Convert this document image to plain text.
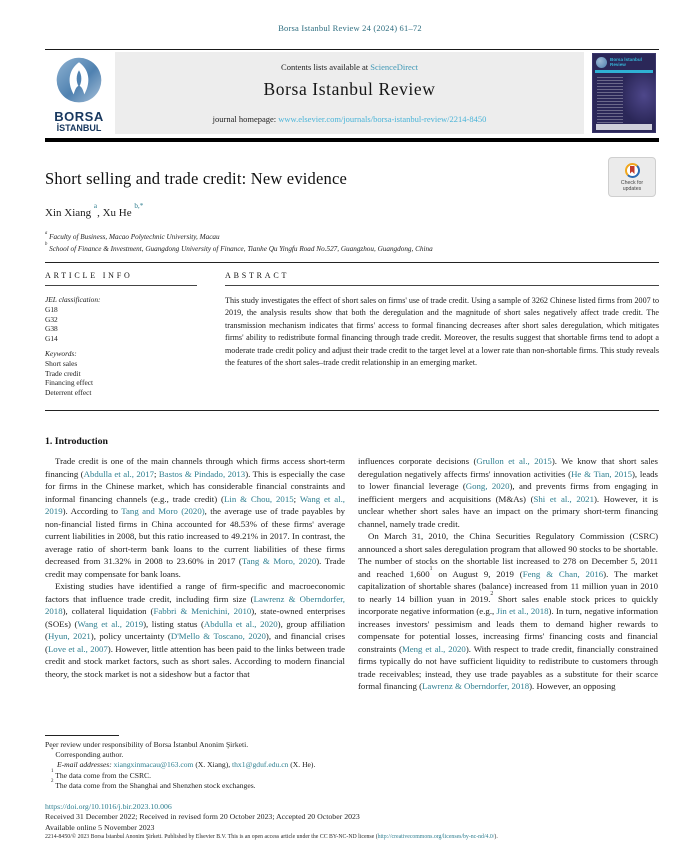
Borsa Istanbul Review 24 (2024) 61–72
BORSA
İSTANBUL
Contents lists available at ScienceDirect
Borsa Istanbul Review
journal homepage: www.elsevier.com/journals/borsa-istanbul-review/2214-8450
Borsa İstanbul Review
Short selling and trade credit: New evidence	Check for updates
Xin Xiang $^a$, Xu He $^{b,*}$
$^a$ Faculty of Business, Macao Polytechnic University, Macau
$^b$ School of Finance & Investment, Guangdong University of Finance, Tianhe Qu Yingfu Road No.527, Guangzhou, Guangdong, China
ARTICLE INFO
JEL classification:
G18
G32
G38
G14
Keywords:
Short sales
Trade credit
Financing effect
Deterrent effect
ABSTRACT
This study investigates the effect of short sales on firms' use of trade credit. Using a sample of 3262 Chinese listed firms from 2007 to 2019, the analysis results show that both the deregulation and the magnitude of short sales negatively affect trade credit. The transmission mechanism indicates that firms' access to formal financing decreases after short sales deregulation, which mitigates firms' ability to redistribute formal financing through trade credit. Moreover, the results suggest that shortable firms tend to adopt a moderate trade credit policy and adjust their trade credit to the target level at a lower rate than non-shortable firms. This study reveals the features of the short sales–trade credit relationship in an emerging market.
1. Introduction
Trade credit is one of the main channels through which firms access short-term financing (Abdulla et al., 2017; Bastos & Pindado, 2013). This is especially the case for firms in the Chinese market, which has considerable financial constraints and informal financing channels (e.g., trade credit) (Lin & Chou, 2015; Wang et al., 2019). According to Tang and Moro (2020), the average use of trade payables by non-financial listed firms in China accounted for 48.53% of these firms' average current liabilities in 2008, but this ratio increased to 49.21% in 2017. In contrast, the average ratio of short-term bank loans to the current liabilities of these firms decreased from 31.32% in 2008 to 23.60% in 2017 (Tang & Moro, 2020). Trade credit may compensate for bank loans.
Existing studies have identified a range of firm-specific and macroeconomic factors that influence trade credit, including firm size (Lawrenz & Oberndorfer, 2018), collateral liquidation (Fabbri & Menichini, 2010), state-owned enterprises (SOEs) (Wang et al., 2019), listing status (Abdulla et al., 2020), group affiliation (Hyun, 2021), policy uncertainty (D'Mello & Toscano, 2020), and financial crises (Love et al., 2007). However, little attention has been paid to the links between trade credit and stock market factors, such as short sales. According to modern financial theory, the stock market is not a sideshow but a factor that
influences corporate decisions (Grullon et al., 2015). We know that short sales deregulation negatively affects firms' innovation activities (He & Tian, 2015), leads to lower financial leverage (Gong, 2020), and prevents firms from engaging in inefficient mergers and acquisitions (M&As) (Shi et al., 2021). However, it is unclear whether short sales have an impact on the primary short-term financing channel, namely trade credit.
On March 31, 2010, the China Securities Regulatory Commission (CSRC) announced a short sales deregulation program that allowed 90 stocks to be shortable. The number of stocks on the shortable list increased to 278 on December 5, 2011 and reached 1,600$^1$ on August 9, 2019 (Feng & Chan, 2016). The market capitalization of shortable shares (balance) increased from 11 million yuan in 2010 to nearly 14 billion yuan in 2019.$^2$ Short sales enable stock prices to quickly incorporate negative information (e.g., Jin et al., 2018). In turn, negative information increases investors' pessimism and leads them to demand higher rewards to compensate for potential losses, increasing firms' financing costs and financial constraints (Meng et al., 2020). With respect to trade credit, financially constrained firms typically do not have sufficient liquidity to redistribute to customers through trade receivables; instead, they use trade payables as a substitute for their scarce formal financing (Lawrenz & Oberndorfer, 2018). However, an opposing
Peer review under responsibility of Borsa İstanbul Anonim Şirketi.
* Corresponding author.
E-mail addresses: xiangxinmacau@163.com (X. Xiang), thx1@gduf.edu.cn (X. He).
$^1$ The data come from the CSRC.
$^2$ The data come from the Shanghai and Shenzhen stock exchanges.
https://doi.org/10.1016/j.bir.2023.10.006
Received 31 December 2022; Received in revised form 20 October 2023; Accepted 20 October 2023
Available online 5 November 2023
2214-8450/© 2023 Borsa İstanbul Anonim Şirketi. Published by Elsevier B.V. This is an open access article under the CC BY-NC-ND license (http://creativecommons.org/licenses/by-nc-nd/4.0/).
